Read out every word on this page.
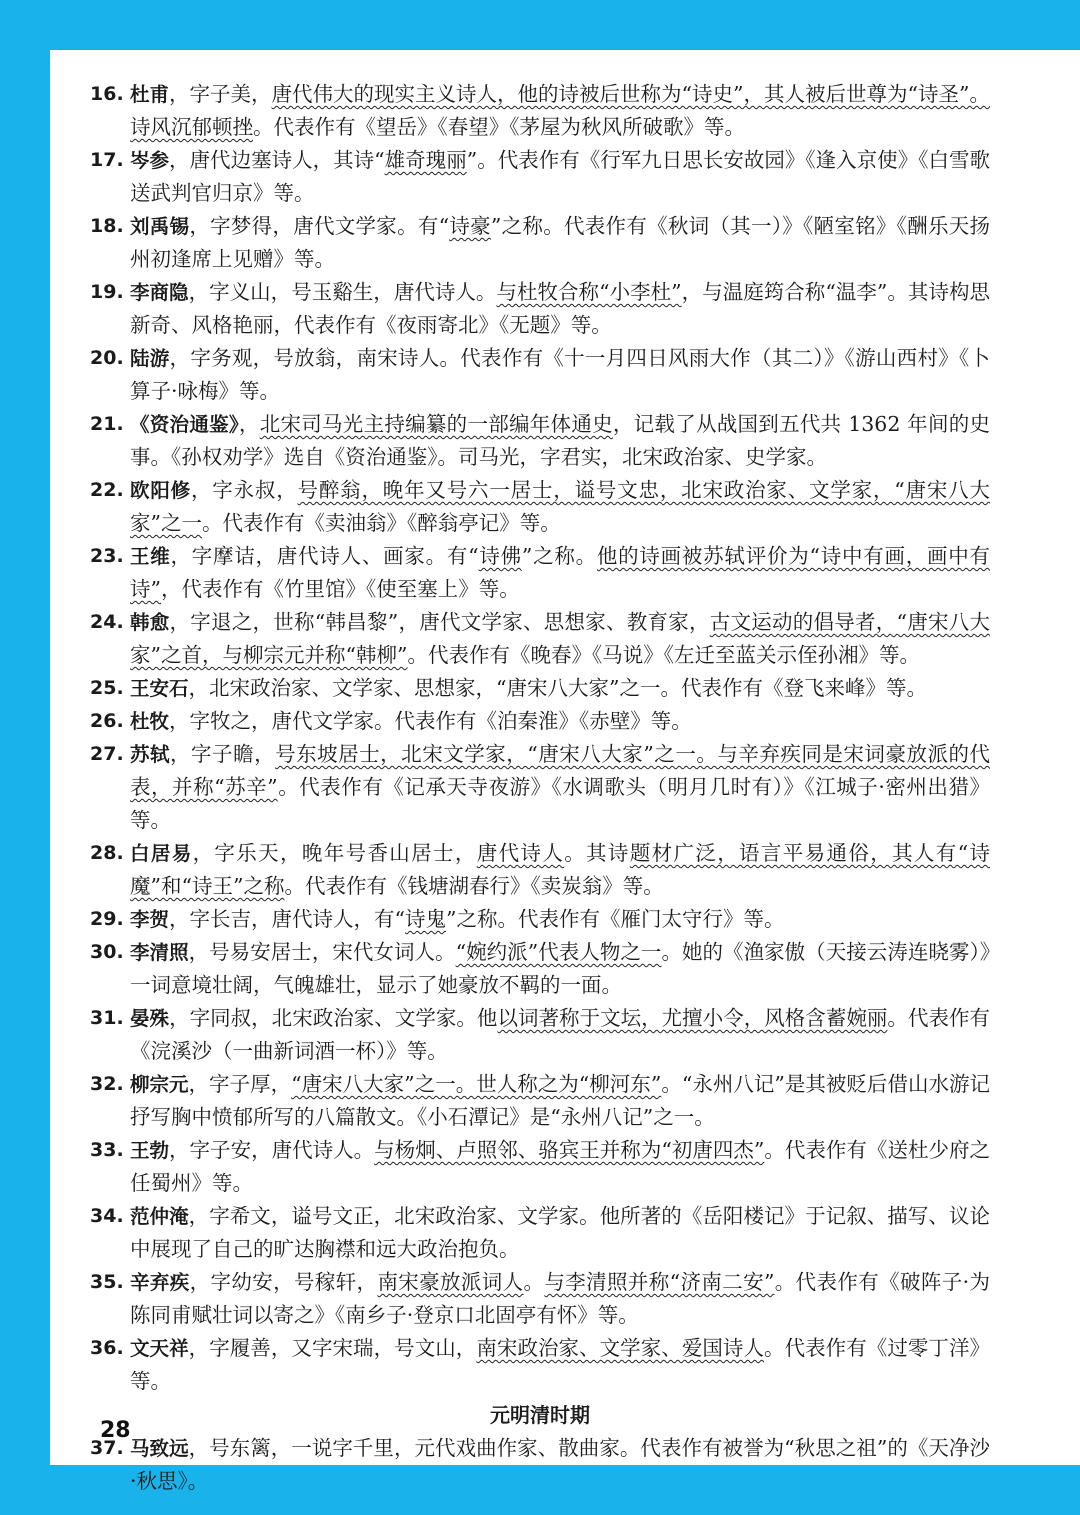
16. 杜甫，字子美，唐代伟大的现实主义诗人，他的诗被后世称为“诗史”，其人被后世尊为“诗圣”。诗风沉郁顿挫。代表作有《望岳》《春望》《茅屋为秋风所破歌》等。
17. 岑参，唐代边塞诗人，其诗“雄奇瑰丽”。代表作有《行军九日思长安故园》《逢入京使》《白雪歌送武判官归京》等。
18. 刘禹锡，字梦得，唐代文学家。有“诗豪”之称。代表作有《秋词（其一）》《陋室铭》《酬乐天扬州初逢席上见赠》等。
19. 李商隐，字义山，号玉谿生，唐代诗人。与杜牧合称“小李杜”，与温庭筠合称“温李”。其诗构思新奇、风格艳丽，代表作有《夜雨寄北》《无题》等。
20. 陆游，字务观，号放翁，南宋诗人。代表作有《十一月四日风雨大作（其二）》《游山西村》《卜算子·咏梅》等。
21. 《资治通鉴》，北宋司马光主持编纂的一部编年体通史，记载了从战国到五代共 1362 年间的史事。《孙权劝学》选自《资治通鉴》。司马光，字君实，北宋政治家、史学家。
22. 欧阳修，字永叔，号醉翁，晚年又号六一居士，谥号文忠，北宋政治家、文学家，“唐宋八大家”之一。代表作有《卖油翁》《醉翁亭记》等。
23. 王维，字摩诘，唐代诗人、画家。有“诗佛”之称。他的诗画被苏轼评价为“诗中有画，画中有诗”，代表作有《竹里馆》《使至塞上》等。
24. 韩愈，字退之，世称“韩昌黎”，唐代文学家、思想家、教育家，古文运动的倡导者，“唐宋八大家”之首，与柳宗元并称“韩柳”。代表作有《晚春》《马说》《左迁至蓝关示侄孙湘》等。
25. 王安石，北宋政治家、文学家、思想家，“唐宋八大家”之一。代表作有《登飞来峰》等。
26. 杜牧，字牧之，唐代文学家。代表作有《泊秦淮》《赤壁》等。
27. 苏轼，字子瞻，号东坡居士，北宋文学家，“唐宋八大家”之一。与辛弃疾同是宋词豪放派的代表，并称“苏辛”。代表作有《记承天寺夜游》《水调歌头（明月几时有）》《江城子·密州出猎》等。
28. 白居易，字乐天，晚年号香山居士，唐代诗人。其诗题材广泛，语言平易通俗，其人有“诗魔”和“诗王”之称。代表作有《钱塘湖春行》《卖炭翁》等。
29. 李贺，字长吉，唐代诗人，有“诗鬼”之称。代表作有《雁门太守行》等。
30. 李清照，号易安居士，宋代女词人。“婉约派”代表人物之一。她的《渔家傲（天接云涛连晓雾）》一词意境壮阔，气魄雄壮，显示了她豪放不羁的一面。
31. 晏殊，字同叔，北宋政治家、文学家。他以词著称于文坛，尤擅小令，风格含蓄婉丽。代表作有《浣溪沙（一曲新词酒一杯）》等。
32. 柳宗元，字子厚，“唐宋八大家”之一。世人称之为“柳河东”。“永州八记”是其被贬后借山水游记抒写胸中愤郁所写的八篇散文。《小石潭记》是“永州八记”之一。
33. 王勃，字子安，唐代诗人。与杨炯、卢照邻、骆宾王并称为“初唐四杰”。代表作有《送杜少府之任蜀州》等。
34. 范仲淹，字希文，谥号文正，北宋政治家、文学家。他所著的《岳阳楼记》于记叙、描写、议论中展现了自己的旷达胸襟和远大政治抱负。
35. 辛弃疾，字幼安，号稼轩，南宋豪放派词人。与李清照并称“济南二安”。代表作有《破阵子·为陈同甫赋壮词以寄之》《南乡子·登京口北固亭有怀》等。
36. 文天祥，字履善，又字宋瑞，号文山，南宋政治家、文学家、爱国诗人。代表作有《过零丁洋》等。
元明清时期
37. 马致远，号东篱，一说字千里，元代戏曲作家、散曲家。代表作有被誉为“秋思之祖”的《天净沙·秋思》。
28
